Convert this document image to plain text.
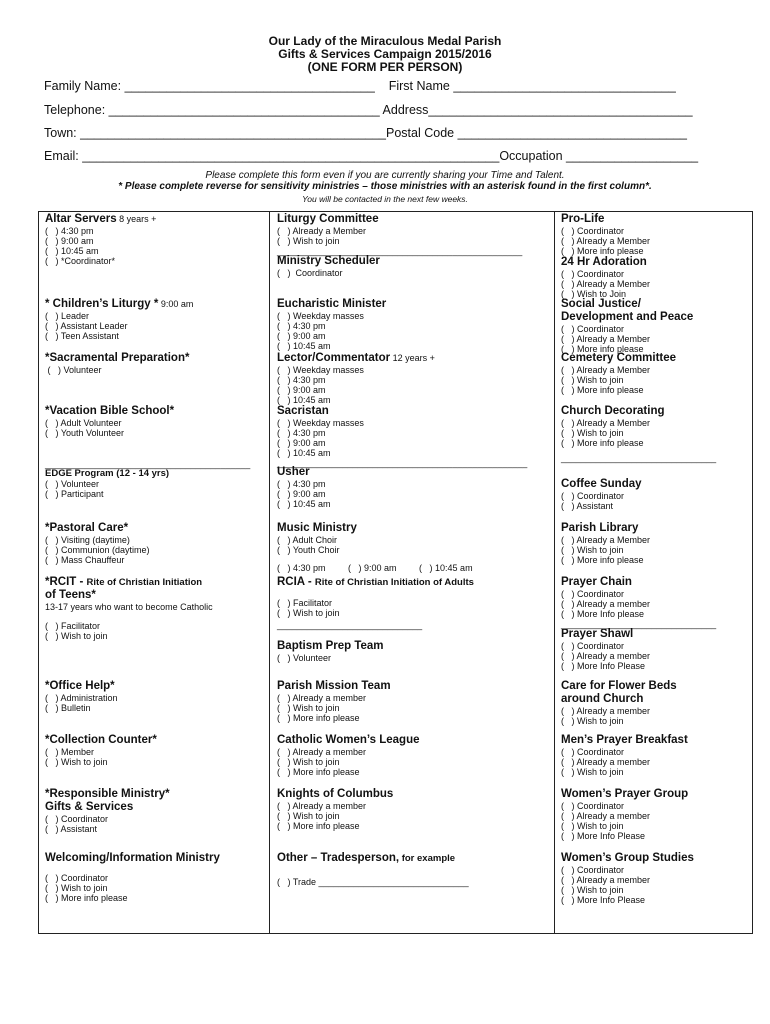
Our Lady of the Miraculous Medal Parish
Gifts & Services Campaign 2015/2016
(ONE FORM PER PERSON)
Family Name: ____________________________________    First Name ________________________________
Telephone: _______________________________________ Address______________________________________
Town: ____________________________________________Postal Code _________________________________
Email: ____________________________________________________________Occupation ___________________
Please complete this form even if you are currently sharing your Time and Talent.
* Please complete reverse for sensitivity ministries – those ministries with an asterisk found in the first column*.
You will be contacted in the next few weeks.
Altar Servers 8 years +
(   ) 4:30 pm
(   ) 9:00 am
(   ) 10:45 am
(   ) *Coordinator*
* Children’s Liturgy * 9:00 am
(   ) Leader
(   ) Assistant Leader
(   ) Teen Assistant
*Sacramental Preparation*
(   ) Volunteer
*Vacation Bible School*
(   ) Adult Volunteer
(   ) Youth Volunteer
_________________________________________
EDGE Program (12 - 14 yrs)
(   ) Volunteer
(   ) Participant
*Pastoral Care*
(   ) Visiting (daytime)
(   ) Communion (daytime)
(   ) Mass Chauffeur
*RCIT - Rite of Christian Initiation
of Teens*
13-17 years who want to become Catholic
(   ) Facilitator
(   ) Wish to join
*Office Help*
(   ) Administration
(   ) Bulletin
*Collection Counter*
(   ) Member
(   ) Wish to join
*Responsible Ministry*
Gifts & Services
(   ) Coordinator
(   ) Assistant
Welcoming/Information Ministry
(   ) Coordinator
(   ) Wish to join
(   ) More info please
Liturgy Committee
(   ) Already a Member
(   ) Wish to join
_________________________________________________
Ministry Scheduler
(   )  Coordinator
Eucharistic Minister
(   ) Weekday masses
(   ) 4:30 pm
(   ) 9:00 am
(   ) 10:45 am
Lector/Commentator 12 years +
(   ) Weekday masses
(   ) 4:30 pm
(   ) 9:00 am
(   ) 10:45 am
Sacristan
(   ) Weekday masses
(   ) 4:30 pm
(   ) 9:00 am
(   ) 10:45 am
__________________________________________________
Usher
(   ) 4:30 pm
(   ) 9:00 am
(   ) 10:45 am
Music Ministry
(   ) Adult Choir
(   ) Youth Choir
(   ) 4:30 pm         (   ) 9:00 am         (   ) 10:45 am
RCIA - Rite of Christian Initiation of Adults
(   ) Facilitator
(   ) Wish to join
_____________________________
Baptism Prep Team
(   ) Volunteer
Parish Mission Team
(   ) Already a member
(   ) Wish to join
(   ) More info please
Catholic Women’s League
(   ) Already a member
(   ) Wish to join
(   ) More info please
Knights of Columbus
(   ) Already a member
(   ) Wish to join
(   ) More info please
Other – Tradesperson, for example
(   ) Trade ______________________________
Pro-Life
(   ) Coordinator
(   ) Already a Member
(   ) More info please
24 Hr Adoration
(   ) Coordinator
(   ) Already a Member
(   ) Wish to Join
Social Justice/
Development and Peace
(   ) Coordinator
(   ) Already a Member
(   ) More info please
Cemetery Committee
(   ) Already a Member
(   ) Wish to join
(   ) More info please
Church Decorating
(   ) Already a Member
(   ) Wish to join
(   ) More info please
_______________________________
Coffee Sunday
(   ) Coordinator
(   ) Assistant
Parish Library
(   ) Already a Member
(   ) Wish to join
(   ) More info please
Prayer Chain
(   ) Coordinator
(   ) Already a member
(   ) More Info please
_______________________________
Prayer Shawl
(   ) Coordinator
(   ) Already a member
(   ) More Info Please
Care for Flower Beds
around Church
(   ) Already a member
(   ) Wish to join
Men’s Prayer Breakfast
(   ) Coordinator
(   ) Already a member
(   ) Wish to join
Women’s Prayer Group
(   ) Coordinator
(   ) Already a member
(   ) Wish to join
(   ) More Info Please
Women’s Group Studies
(   ) Coordinator
(   ) Already a member
(   ) Wish to join
(   ) More Info Please
